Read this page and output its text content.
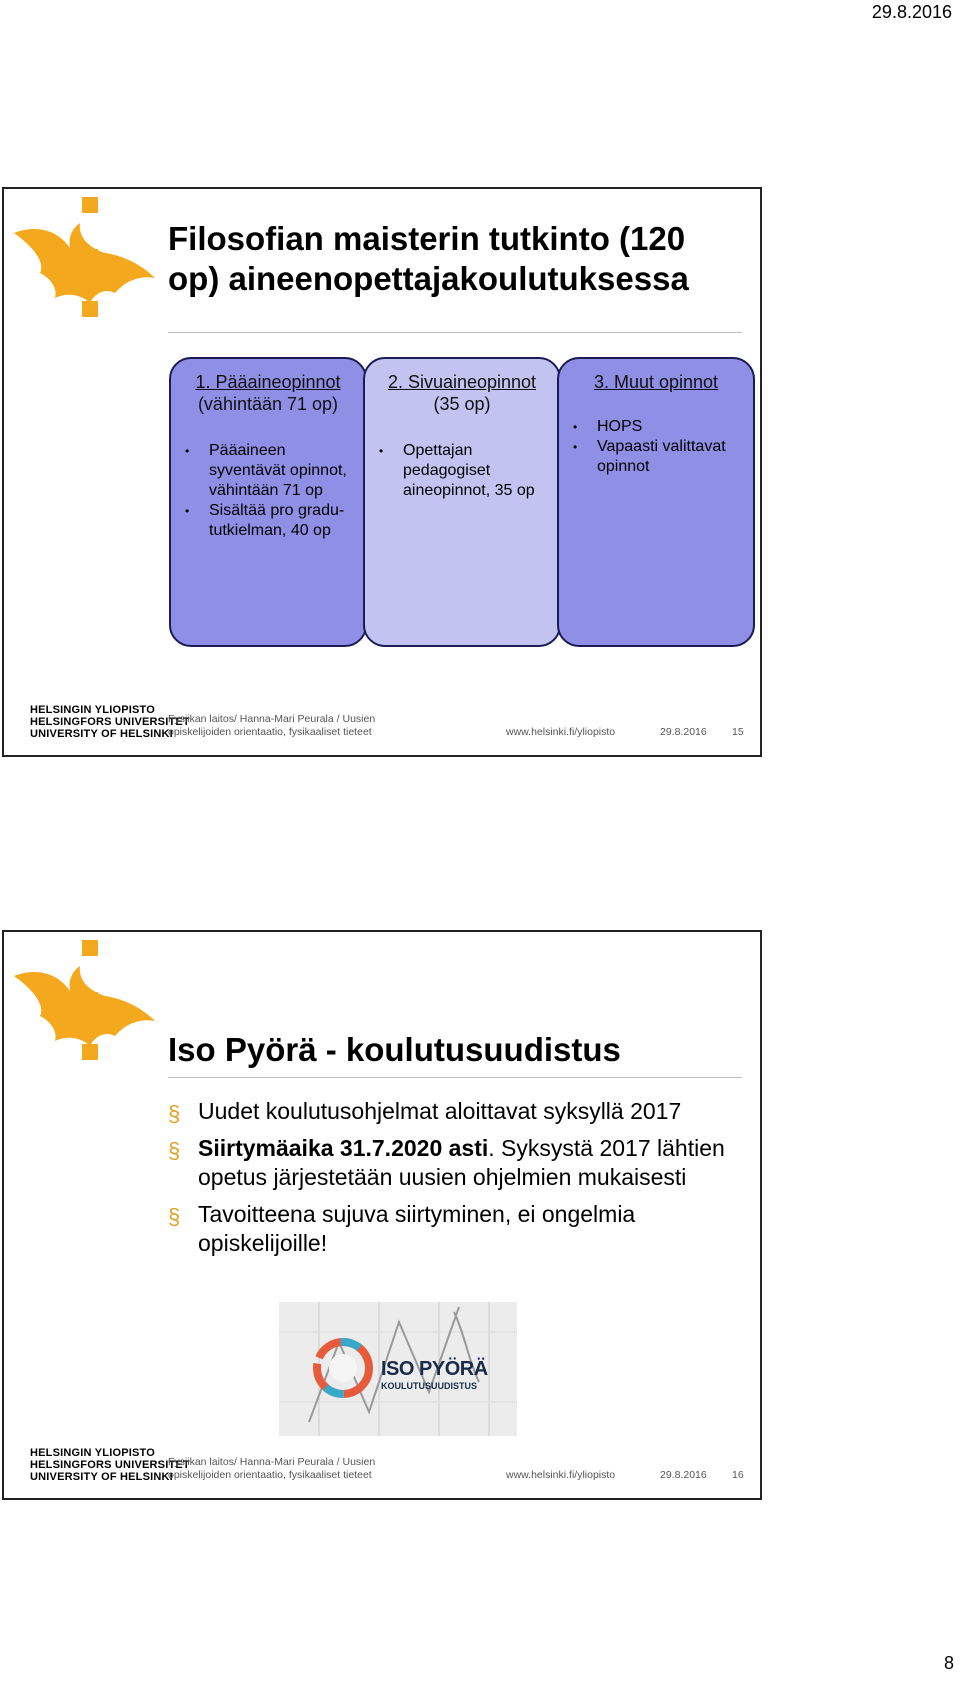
29.8.2016
Filosofian maisterin tutkinto (120
op) aineenopettajakoulutuksessa
1. Pääaineopinnot
(vähintään 71 op)
• Pääaineen syventävät opinnot, vähintään 71 op
• Sisältää pro gradu-tutkielman, 40 op
2. Sivuaineopinnot
(35 op)
• Opettajan pedagogiset aineopinnot, 35 op
3. Muut opinnot
• HOPS
• Vapaasti valittavat opinnot
HELSINGIN YLIOPISTO
HELSINGFORS UNIVERSITET
UNIVERSITY OF HELSINKI
Fysiikan laitos/ Hanna-Mari Peurala / Uusien
opiskelijoiden orientaatio, fysikaaliset tieteet	www.helsinki.fi/yliopisto	29.8.2016 15
Iso Pyörä - koulutusuudistus
§ Uudet koulutusohjelmat aloittavat syksyllä 2017
§ Siirtymäaika 31.7.2020 asti. Syksystä 2017 lähtien opetus järjestetään uusien ohjelmien mukaisesti
§ Tavoitteena sujuva siirtyminen, ei ongelmia opiskelijoille!
ISO PYÖRÄ
KOULUTUSUUDISTUS
HELSINGIN YLIOPISTO
HELSINGFORS UNIVERSITET
UNIVERSITY OF HELSINKI
Fysiikan laitos/ Hanna-Mari Peurala / Uusien
opiskelijoiden orientaatio, fysikaaliset tieteet	www.helsinki.fi/yliopisto	29.8.2016 16
8
